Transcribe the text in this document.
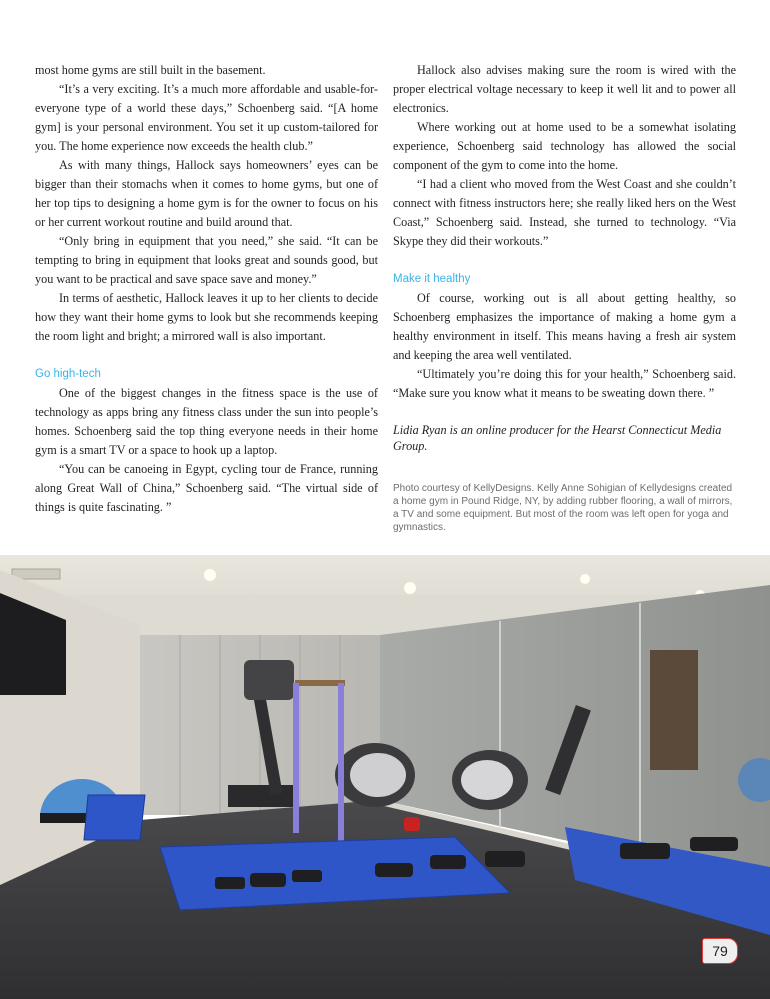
most home gyms are still built in the basement.

“It’s a very exciting. It’s a much more affordable and usable-for-everyone type of a world these days,” Schoenberg said. “[A home gym] is your personal environment. You set it up custom-tailored for you. The home experience now exceeds the health club.”

As with many things, Hallock says homeowners’ eyes can be bigger than their stomachs when it comes to home gyms, but one of her top tips to designing a home gym is for the owner to focus on his or her current workout routine and build around that.

“Only bring in equipment that you need,” she said. “It can be tempting to bring in equipment that looks great and sounds good, but you want to be practical and save space save and money.”

In terms of aesthetic, Hallock leaves it up to her clients to decide how they want their home gyms to look but she recommends keeping the room light and bright; a mirrored wall is also important.

Go high-tech

One of the biggest changes in the fitness space is the use of technology as apps bring any fitness class under the sun into people’s homes. Schoenberg said the top thing everyone needs in their home gym is a smart TV or a space to hook up a laptop.

“You can be canoeing in Egypt, cycling tour de France, running along Great Wall of China,” Schoenberg said. “The virtual side of things is quite fascinating. ”

Hallock also advises making sure the room is wired with the proper electrical voltage necessary to keep it well lit and to power all electronics.

Where working out at home used to be a somewhat isolating experience, Schoenberg said technology has allowed the social component of the gym to come into the home.

“I had a client who moved from the West Coast and she couldn’t connect with fitness instructors here; she really liked hers on the West Coast,” Schoenberg said. Instead, she turned to technology. “Via Skype they did their workouts.”

Make it healthy

Of course, working out is all about getting healthy, so Schoenberg emphasizes the importance of making a home gym a healthy environment in itself. This means having a fresh air system and keeping the area well ventilated.

“Ultimately you’re doing this for your health,” Schoenberg said. “Make sure you know what it means to be sweating down there. ”

Lidia Ryan is an online producer for the Hearst Connecticut Media Group.

Photo courtesy of KellyDesigns. Kelly Anne Sohigian of Kellydesigns created a home gym in Pound Ridge, NY, by adding rubber flooring, a wall of mirrors, a TV and some equipment. But most of the room was left open for yoga and gymnastics.

79
